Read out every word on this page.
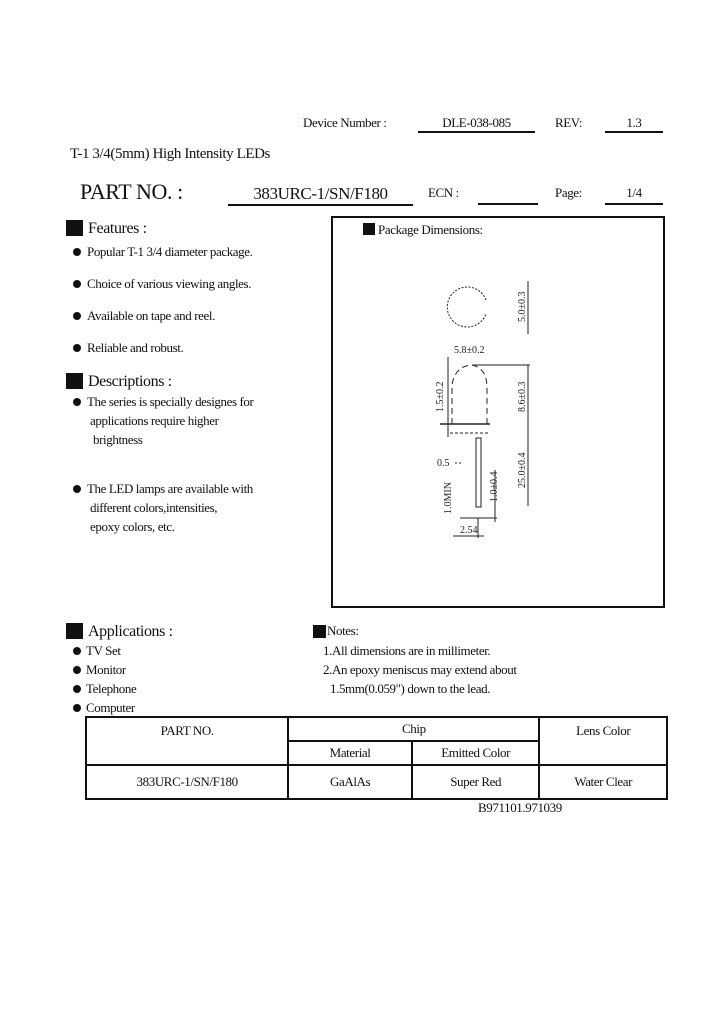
Device Number :	DLE-038-085	REV:	1.3
T-1 3/4(5mm) High Intensity LEDs
PART NO. :	383URC-1/SN/F180	ECN :	Page:	1/4
Features :
Popular T-1 3/4 diameter package.
Choice of various viewing angles.
Available on tape and reel.
Reliable and robust.
Descriptions :
The series is specially designes for
applications require higher
brightness
The LED lamps are available with
different colors,intensities,
epoxy colors, etc.
Package Dimensions:
5.0±0.3
5.8±0.2
1.5±0.2	8.6±0.3
25.0±0.4
0.5
1.0±0.4
1.0MIN
2.54
Applications :
TV Set
Monitor
Telephone
Computer
Notes:
1.All dimensions are in millimeter.
2.An epoxy meniscus may extend about
1.5mm(0.059") down to the lead.
PART NO.	Chip		Lens Color
	Material	Emitted Color	
383URC-1/SN/F180	GaAlAs	Super Red	Water Clear
B971101.971039
